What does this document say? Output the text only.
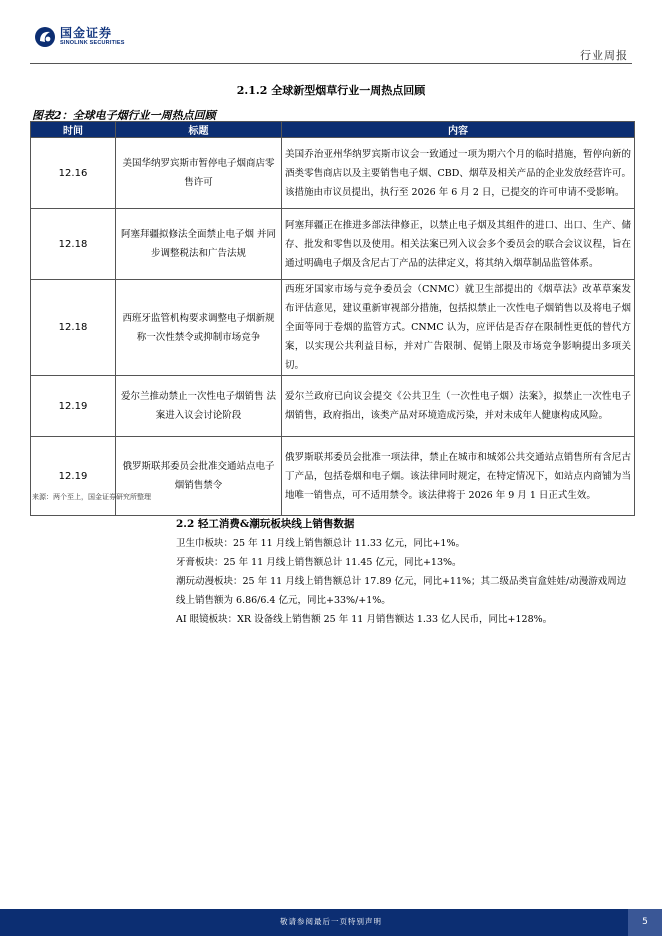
国金证券
SINOLINK SECURITIES
行业周报
2.1.2 全球新型烟草行业一周热点回顾
图表2：全球电子烟行业一周热点回顾
时间	标题	内容
12.16	美国华纳罗宾斯市暂停电子烟商店零售许可	美国乔治亚州华纳罗宾斯市议会一致通过一项为期六个月的临时措施，暂停向新的酒类零售商店以及主要销售电子烟、CBD、烟草及相关产品的企业发放经营许可。该措施由市议员提出，执行至 2026 年 6 月 2 日，已提交的许可申请不受影响。
12.18	阿塞拜疆拟修法全面禁止电子烟 并同步调整税法和广告法规	阿塞拜疆正在推进多部法律修正，以禁止电子烟及其组件的进口、出口、生产、储存、批发和零售以及使用。相关法案已列入议会多个委员会的联合会议议程，旨在通过明确电子烟及含尼古丁产品的法律定义，将其纳入烟草制品监管体系。
12.18	西班牙监管机构要求调整电子烟新规 称一次性禁令或抑制市场竞争	西班牙国家市场与竞争委员会（CNMC）就卫生部提出的《烟草法》改革草案发布评估意见，建议重新审视部分措施，包括拟禁止一次性电子烟销售以及将电子烟全面等同于卷烟的监管方式。CNMC 认为，应评估是否存在限制性更低的替代方案，以实现公共利益目标，并对广告限制、促销上限及市场竞争影响提出多项关切。
12.19	爱尔兰推动禁止一次性电子烟销售 法案进入议会讨论阶段	爱尔兰政府已向议会提交《公共卫生（一次性电子烟）法案》，拟禁止一次性电子烟销售，政府指出，该类产品对环境造成污染，并对未成年人健康构成风险。
12.19	俄罗斯联邦委员会批准交通站点电子烟销售禁令	俄罗斯联邦委员会批准一项法律，禁止在城市和城郊公共交通站点销售所有含尼古丁产品，包括卷烟和电子烟。该法律同时规定，在特定情况下，如站点内商铺为当地唯一销售点，可不适用禁令。该法律将于 2026 年 9 月 1 日正式生效。
来源：两个至上，国金证券研究所整理
2.2 轻工消费&潮玩板块线上销售数据
卫生巾板块：25 年 11 月线上销售额总计 11.33 亿元，同比+1%。
牙膏板块：25 年 11 月线上销售额总计 11.45 亿元，同比+13%。
潮玩动漫板块：25 年 11 月线上销售额总计 17.89 亿元，同比+11%；其二级品类盲盒娃娃/动漫游戏周边线上销售额为 6.86/6.4 亿元，同比+33%/+1%。
AI 眼镜板块：XR 设备线上销售额 25 年 11 月销售额达 1.33 亿人民币，同比+128%。
敬请参阅最后一页特别声明	5
